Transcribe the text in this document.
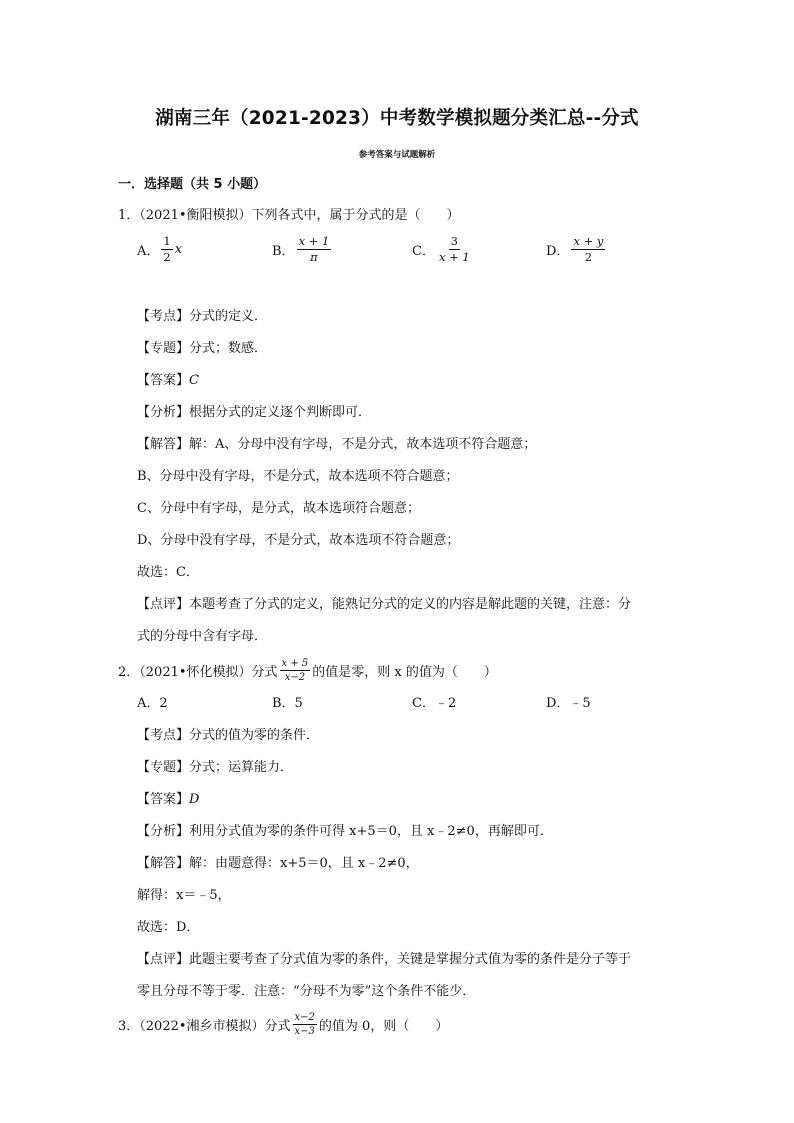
湖南三年（2021-2023）中考数学模拟题分类汇总--分式
参考答案与试题解析
一．选择题（共 5 小题）
1．（2021•衡阳模拟）下列各式中，属于分式的是（　　）
A． $\frac{1}{2}$ x	B． $\frac{x + 1}{\pi}$	C． $\frac{3}{x + 1}$	D． $\frac{x + y}{2}$
【考点】分式的定义．
【专题】分式；数感．
【答案】C
【分析】根据分式的定义逐个判断即可．
【解答】解：A、分母中没有字母，不是分式，故本选项不符合题意；
B、分母中没有字母，不是分式，故本选项不符合题意；
C、分母中有字母，是分式，故本选项符合题意；
D、分母中没有字母，不是分式，故本选项不符合题意；
故选：C．
【点评】本题考查了分式的定义，能熟记分式的定义的内容是解此题的关键，注意：分
式的分母中含有字母．
2．（2021•怀化模拟）分式 $\frac{x + 5}{x-2}$ 的值是零，则 x 的值为（　　）
A．2	B．5	C．﹣2	D．﹣5
【考点】分式的值为零的条件．
【专题】分式；运算能力．
【答案】D
【分析】利用分式值为零的条件可得 x+5＝0，且 x﹣2≠0，再解即可．
【解答】解：由题意得：x+5＝0，且 x﹣2≠0，
解得：x＝﹣5，
故选：D．
【点评】此题主要考查了分式值为零的条件，关键是掌握分式值为零的条件是分子等于
零且分母不等于零．注意：“分母不为零”这个条件不能少．
3．（2022•湘乡市模拟）分式 $\frac{x-2}{x-3}$ 的值为 0，则（　　）
